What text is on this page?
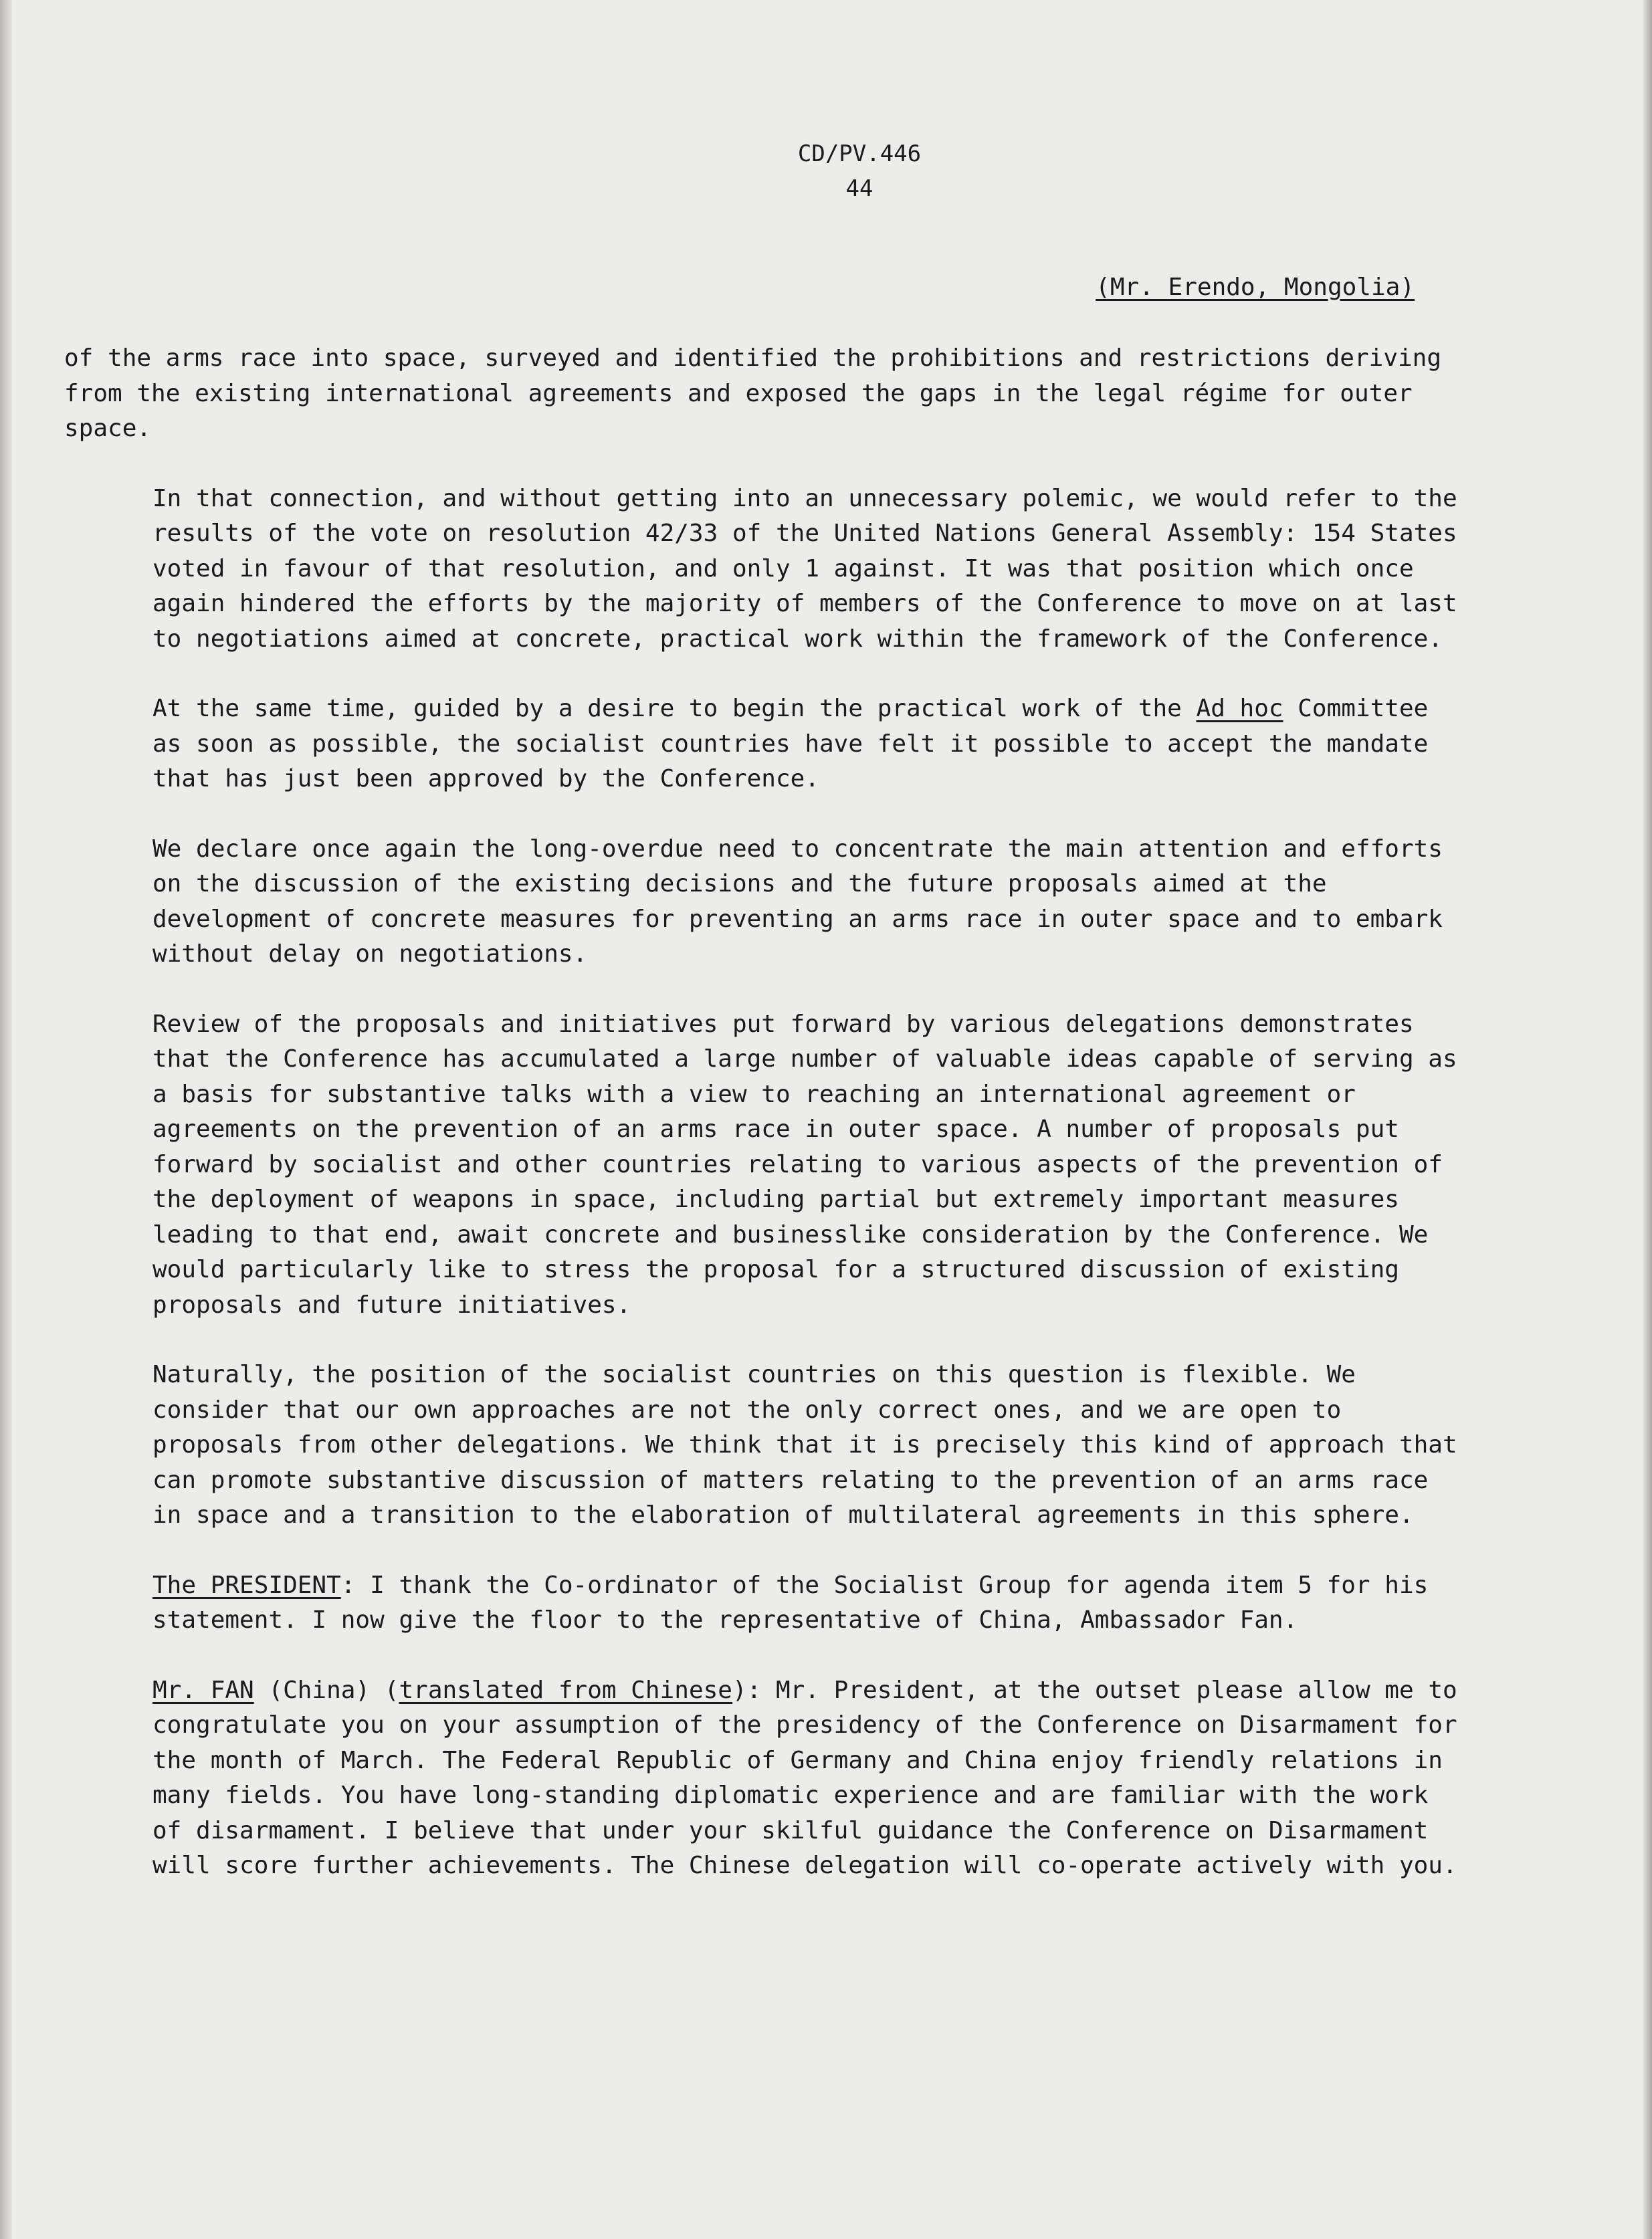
CD/PV.446
44
(Mr. Erendo, Mongolia)

of the arms race into space, surveyed and identified the prohibitions and restrictions deriving from the existing international agreements and exposed the gaps in the legal régime for outer space.

In that connection, and without getting into an unnecessary polemic, we would refer to the results of the vote on resolution 42/33 of the United Nations General Assembly: 154 States voted in favour of that resolution, and only 1 against. It was that position which once again hindered the efforts by the majority of members of the Conference to move on at last to negotiations aimed at concrete, practical work within the framework of the Conference.

At the same time, guided by a desire to begin the practical work of the Ad hoc Committee as soon as possible, the socialist countries have felt it possible to accept the mandate that has just been approved by the Conference.

We declare once again the long-overdue need to concentrate the main attention and efforts on the discussion of the existing decisions and the future proposals aimed at the development of concrete measures for preventing an arms race in outer space and to embark without delay on negotiations.

Review of the proposals and initiatives put forward by various delegations demonstrates that the Conference has accumulated a large number of valuable ideas capable of serving as a basis for substantive talks with a view to reaching an international agreement or agreements on the prevention of an arms race in outer space. A number of proposals put forward by socialist and other countries relating to various aspects of the prevention of the deployment of weapons in space, including partial but extremely important measures leading to that end, await concrete and businesslike consideration by the Conference. We would particularly like to stress the proposal for a structured discussion of existing proposals and future initiatives.

Naturally, the position of the socialist countries on this question is flexible. We consider that our own approaches are not the only correct ones, and we are open to proposals from other delegations. We think that it is precisely this kind of approach that can promote substantive discussion of matters relating to the prevention of an arms race in space and a transition to the elaboration of multilateral agreements in this sphere.

The PRESIDENT: I thank the Co-ordinator of the Socialist Group for agenda item 5 for his statement. I now give the floor to the representative of China, Ambassador Fan.

Mr. FAN (China) (translated from Chinese): Mr. President, at the outset please allow me to congratulate you on your assumption of the presidency of the Conference on Disarmament for the month of March. The Federal Republic of Germany and China enjoy friendly relations in many fields. You have long-standing diplomatic experience and are familiar with the work of disarmament. I believe that under your skilful guidance the Conference on Disarmament will score further achievements. The Chinese delegation will co-operate actively with you.
